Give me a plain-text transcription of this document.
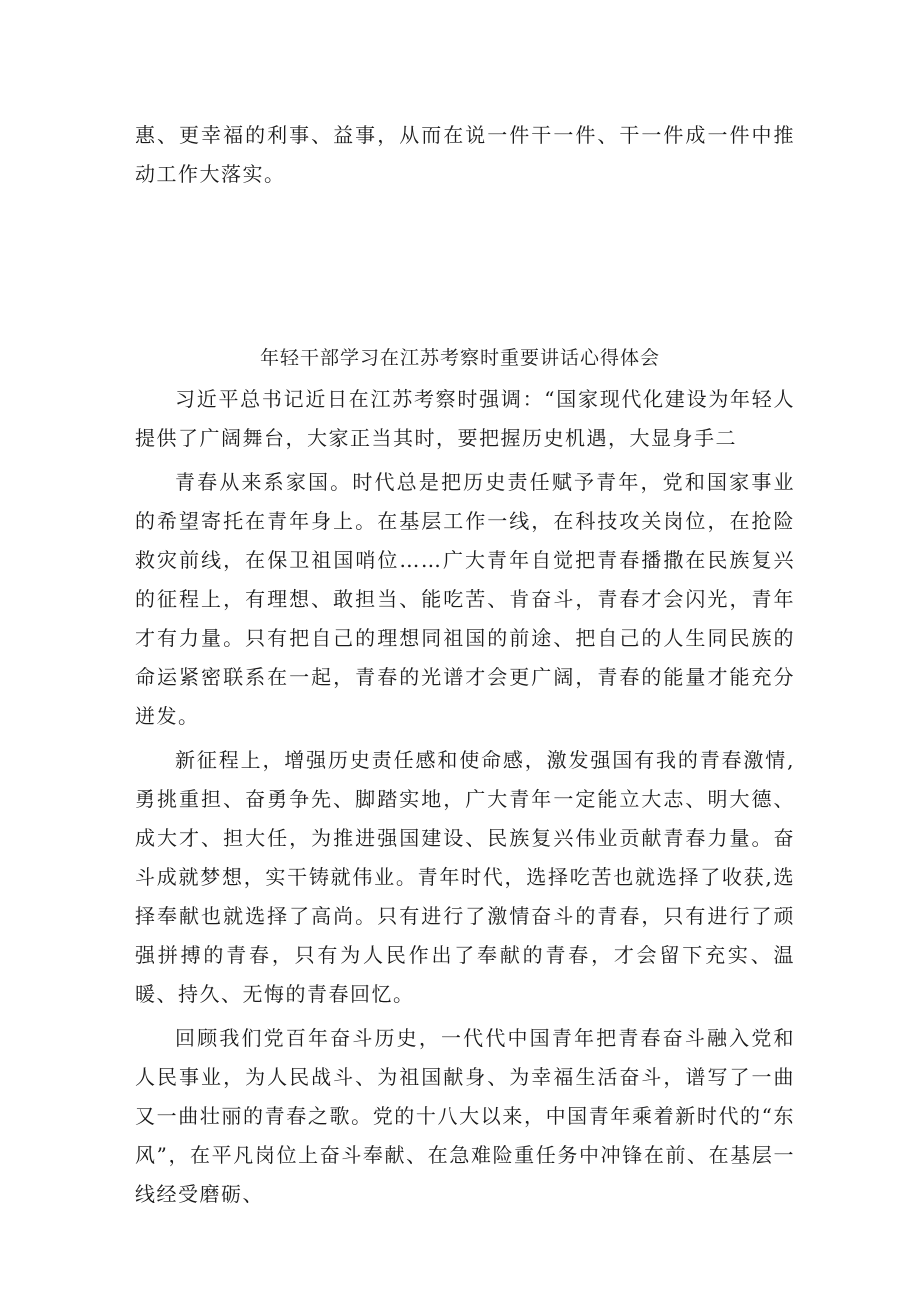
惠、更幸福的利事、益事，从而在说一件干一件、干一件成一件中推动工作大落实。

年轻干部学习在江苏考察时重要讲话心得体会

习近平总书记近日在江苏考察时强调：“国家现代化建设为年轻人提供了广阔舞台，大家正当其时，要把握历史机遇，大显身手二

青春从来系家国。时代总是把历史责任赋予青年，党和国家事业的希望寄托在青年身上。在基层工作一线，在科技攻关岗位，在抢险救灾前线，在保卫祖国哨位……广大青年自觉把青春播撒在民族复兴的征程上，有理想、敢担当、能吃苦、肯奋斗，青春才会闪光，青年才有力量。只有把自己的理想同祖国的前途、把自己的人生同民族的命运紧密联系在一起，青春的光谱才会更广阔，青春的能量才能充分迸发。

新征程上，增强历史责任感和使命感，激发强国有我的青春激情,勇挑重担、奋勇争先、脚踏实地，广大青年一定能立大志、明大德、成大才、担大任，为推进强国建设、民族复兴伟业贡献青春力量。奋斗成就梦想，实干铸就伟业。青年时代，选择吃苦也就选择了收获,选择奉献也就选择了高尚。只有进行了激情奋斗的青春，只有进行了顽强拼搏的青春，只有为人民作出了奉献的青春，才会留下充实、温暖、持久、无悔的青春回忆。

回顾我们党百年奋斗历史，一代代中国青年把青春奋斗融入党和人民事业，为人民战斗、为祖国献身、为幸福生活奋斗，谱写了一曲又一曲壮丽的青春之歌。党的十八大以来，中国青年乘着新时代的“东风”，在平凡岗位上奋斗奉献、在急难险重任务中冲锋在前、在基层一线经受磨砺、
